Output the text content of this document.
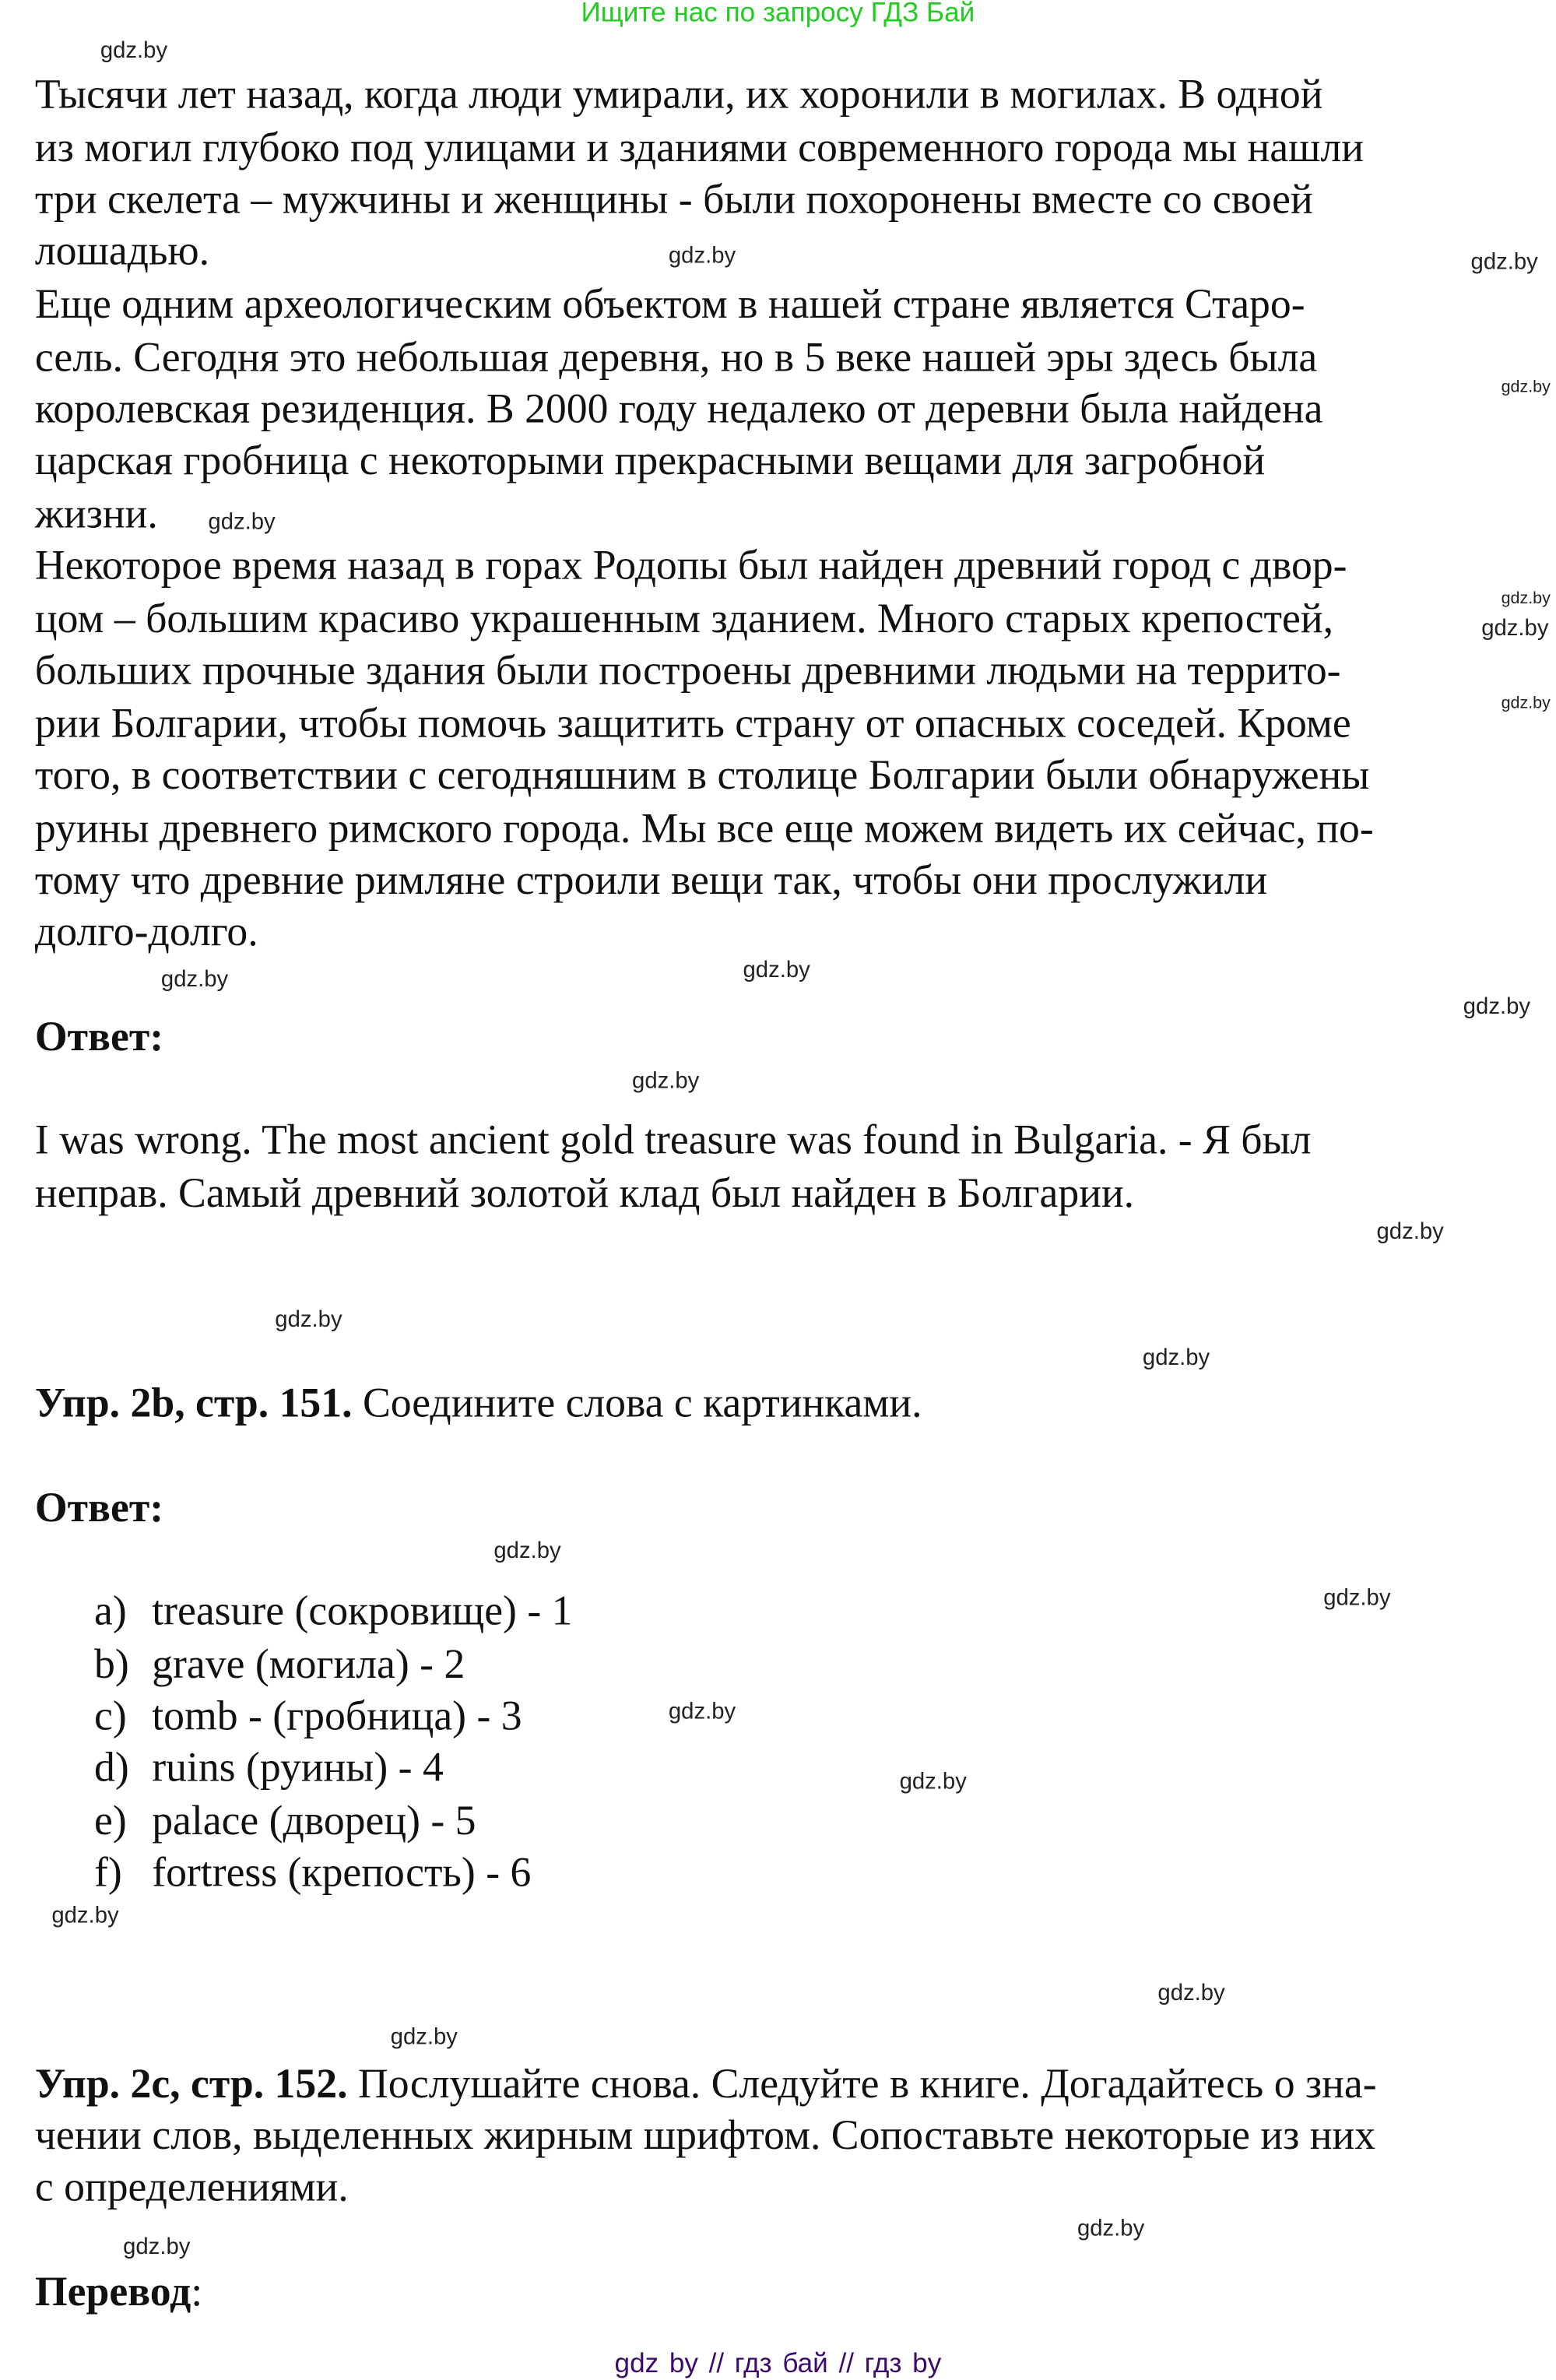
Ищите нас по запросу ГДЗ Бай
Тысячи лет назад, когда люди умирали, их хоронили в могилах. В одной
из могил глубоко под улицами и зданиями современного города мы нашли
три скелета – мужчины и женщины - были похоронены вместе со своей
лошадью.
Еще одним археологическим объектом в нашей стране является Старо-
сель. Сегодня это небольшая деревня, но в 5 веке нашей эры здесь была
королевская резиденция. В 2000 году недалеко от деревни была найдена
царская гробница с некоторыми прекрасными вещами для загробной
жизни.
Некоторое время назад в горах Родопы был найден древний город с двор-
цом – большим красиво украшенным зданием. Много старых крепостей,
больших прочные здания были построены древними людьми на террито-
рии Болгарии, чтобы помочь защитить страну от опасных соседей. Кроме
того, в соответствии с сегодняшним в столице Болгарии были обнаружены
руины древнего римского города. Мы все еще можем видеть их сейчас, по-
тому что древние римляне строили вещи так, чтобы они прослужили
долго-долго.
Ответ:
I was wrong. The most ancient gold treasure was found in Bulgaria. - Я был
неправ. Самый древний золотой клад был найден в Болгарии.
Упр. 2b, стр. 151. Соедините слова с картинками.
Ответ:
a) treasure (сокровище) - 1
b) grave (могила) - 2
c) tomb - (гробница) - 3
d) ruins (руины) - 4
e) palace (дворец) - 5
f) fortress (крепость) - 6
Упр. 2c, стр. 152. Послушайте снова. Следуйте в книге. Догадайтесь о зна-
чении слов, выделенных жирным шрифтом. Сопоставьте некоторые из них
с определениями.
Перевод:
gdz.by
gdz.by	gdz.by
gdz.by
gdz.by
gdz.by
gdz.by
gdz.by
gdz.by
gdz.by
gdz.by
gdz.by
gdz.by
gdz.by
gdz.by
gdz.by
gdz.by
gdz.by
gdz.by
gdz.by
gdz.by
gdz.by
gdz.by
gdz.by
gdz by // гдз бай // гдз by
